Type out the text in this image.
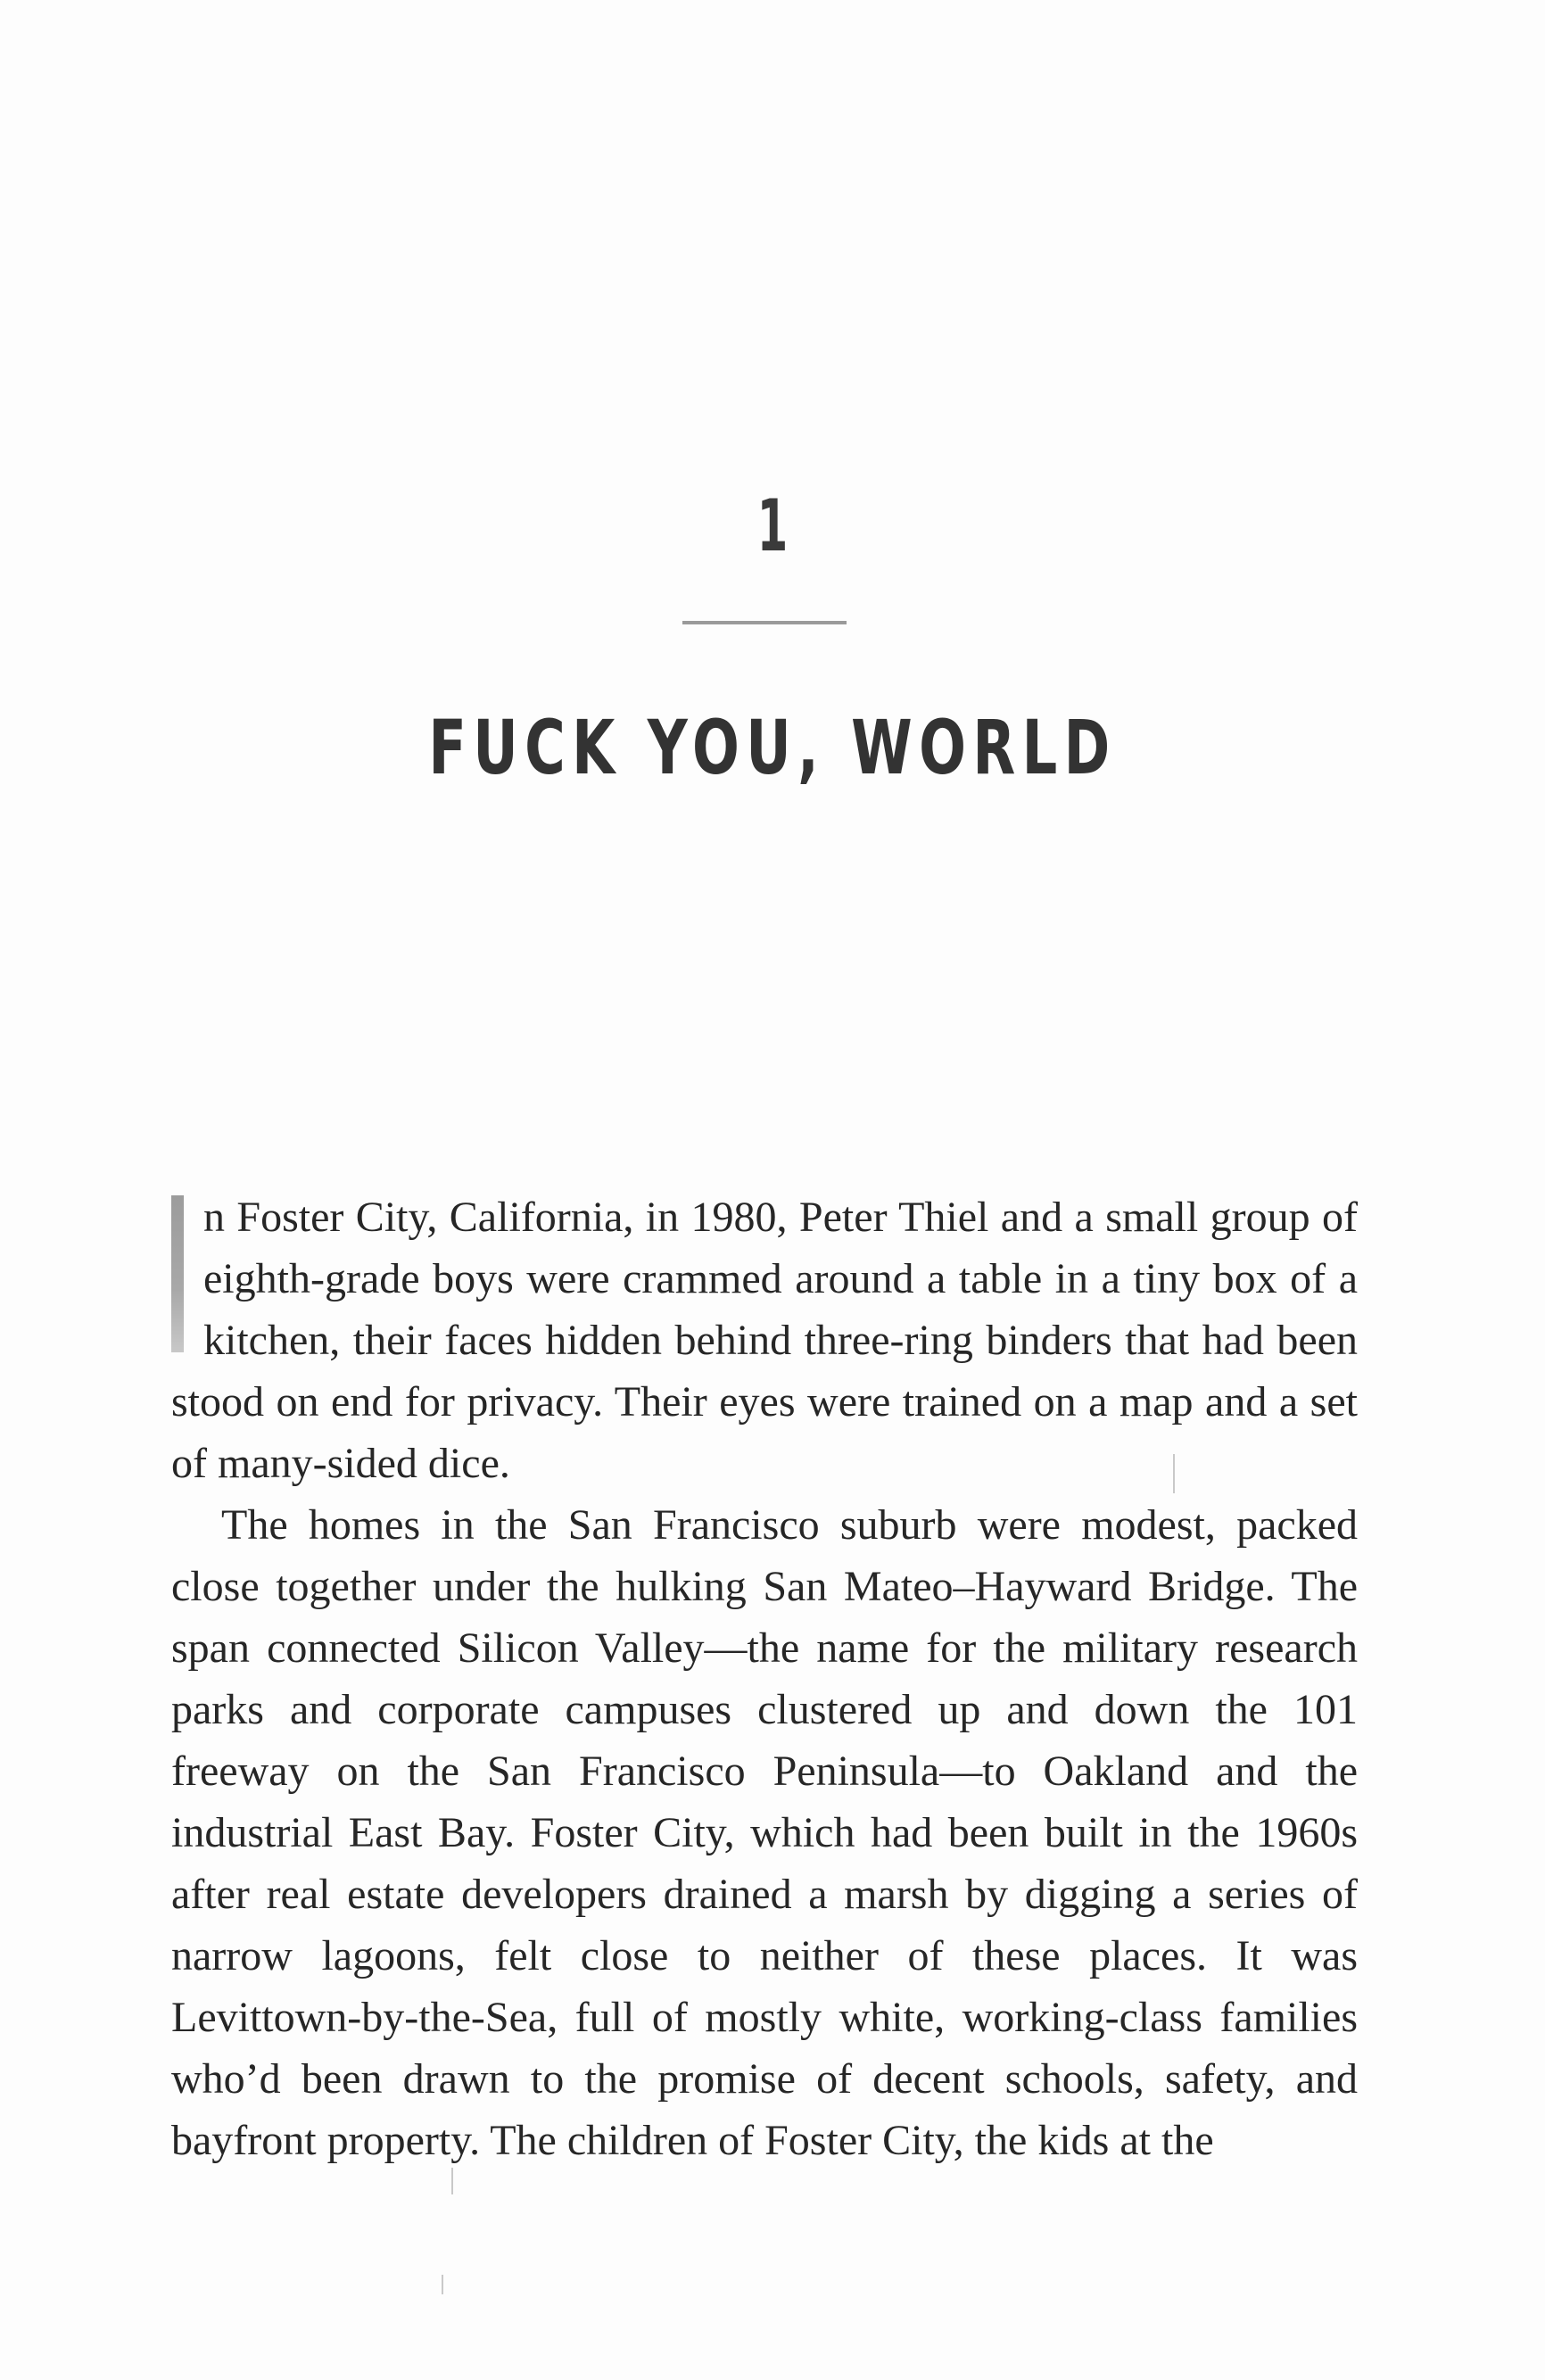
1
FUCK YOU, WORLD

n Foster City, California, in 1980, Peter Thiel and a small group of eighth-grade boys were crammed around a table in a tiny box of a kitchen, their faces hidden behind three-ring binders that had been stood on end for privacy. Their eyes were trained on a map and a set of many-sided dice.

The homes in the San Francisco suburb were modest, packed close together under the hulking San Mateo–Hayward Bridge. The span connected Silicon Valley—the name for the military research parks and corporate campuses clustered up and down the 101 freeway on the San Francisco Peninsula—to Oakland and the industrial East Bay. Foster City, which had been built in the 1960s after real estate developers drained a marsh by digging a series of narrow lagoons, felt close to neither of these places. It was Levittown-by-the-Sea, full of mostly white, working-class families who’d been drawn to the promise of decent schools, safety, and bayfront property. The children of Foster City, the kids at the
